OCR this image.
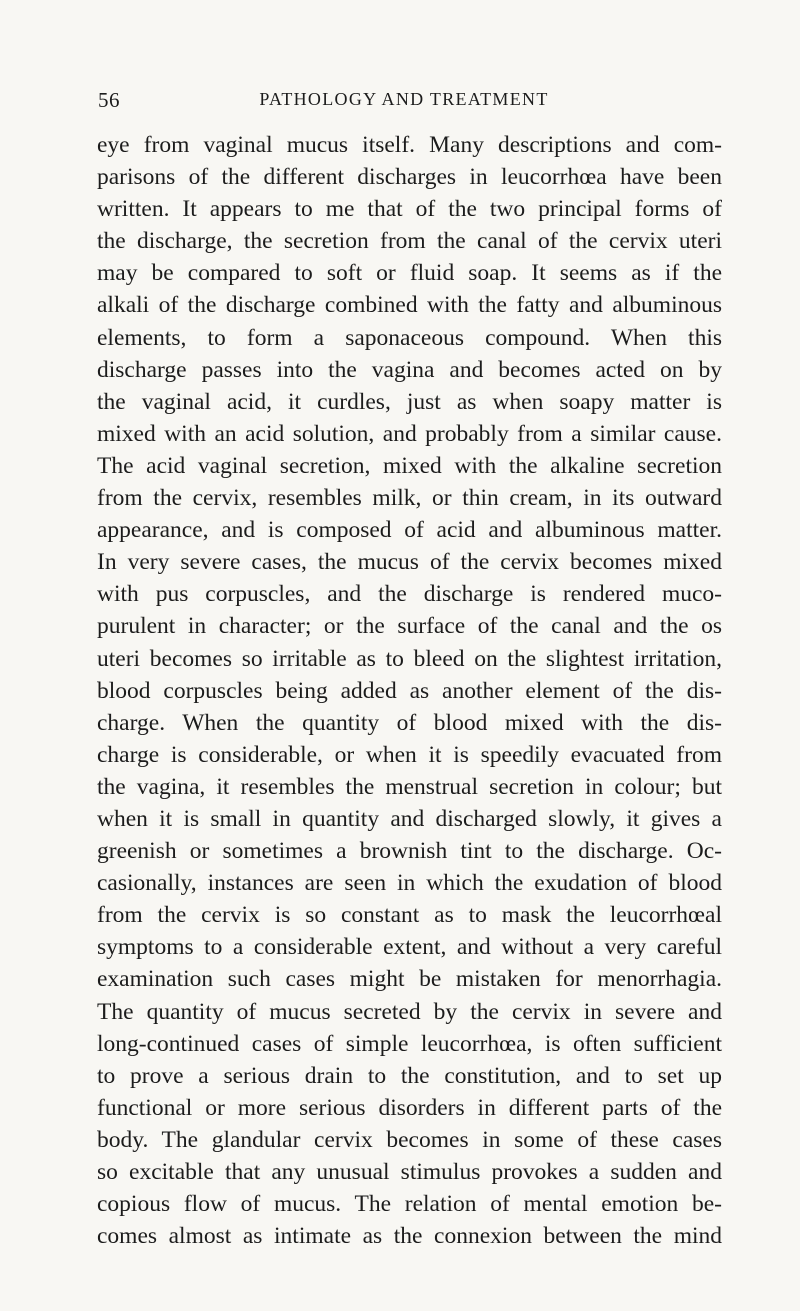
56	PATHOLOGY AND TREATMENT
eye from vaginal mucus itself. Many descriptions and com-
parisons of the different discharges in leucorrhœa have been
written. It appears to me that of the two principal forms of
the discharge, the secretion from the canal of the cervix uteri
may be compared to soft or fluid soap. It seems as if the
alkali of the discharge combined with the fatty and albuminous
elements, to form a saponaceous compound. When this
discharge passes into the vagina and becomes acted on by
the vaginal acid, it curdles, just as when soapy matter is
mixed with an acid solution, and probably from a similar cause.
The acid vaginal secretion, mixed with the alkaline secretion
from the cervix, resembles milk, or thin cream, in its outward
appearance, and is composed of acid and albuminous matter.
In very severe cases, the mucus of the cervix becomes mixed
with pus corpuscles, and the discharge is rendered muco-
purulent in character; or the surface of the canal and the os
uteri becomes so irritable as to bleed on the slightest irritation,
blood corpuscles being added as another element of the dis-
charge. When the quantity of blood mixed with the dis-
charge is considerable, or when it is speedily evacuated from
the vagina, it resembles the menstrual secretion in colour; but
when it is small in quantity and discharged slowly, it gives a
greenish or sometimes a brownish tint to the discharge. Oc-
casionally, instances are seen in which the exudation of blood
from the cervix is so constant as to mask the leucorrhœal
symptoms to a considerable extent, and without a very careful
examination such cases might be mistaken for menorrhagia.
The quantity of mucus secreted by the cervix in severe and
long-continued cases of simple leucorrhœa, is often sufficient
to prove a serious drain to the constitution, and to set up
functional or more serious disorders in different parts of the
body. The glandular cervix becomes in some of these cases
so excitable that any unusual stimulus provokes a sudden and
copious flow of mucus. The relation of mental emotion be-
comes almost as intimate as the connexion between the mind
